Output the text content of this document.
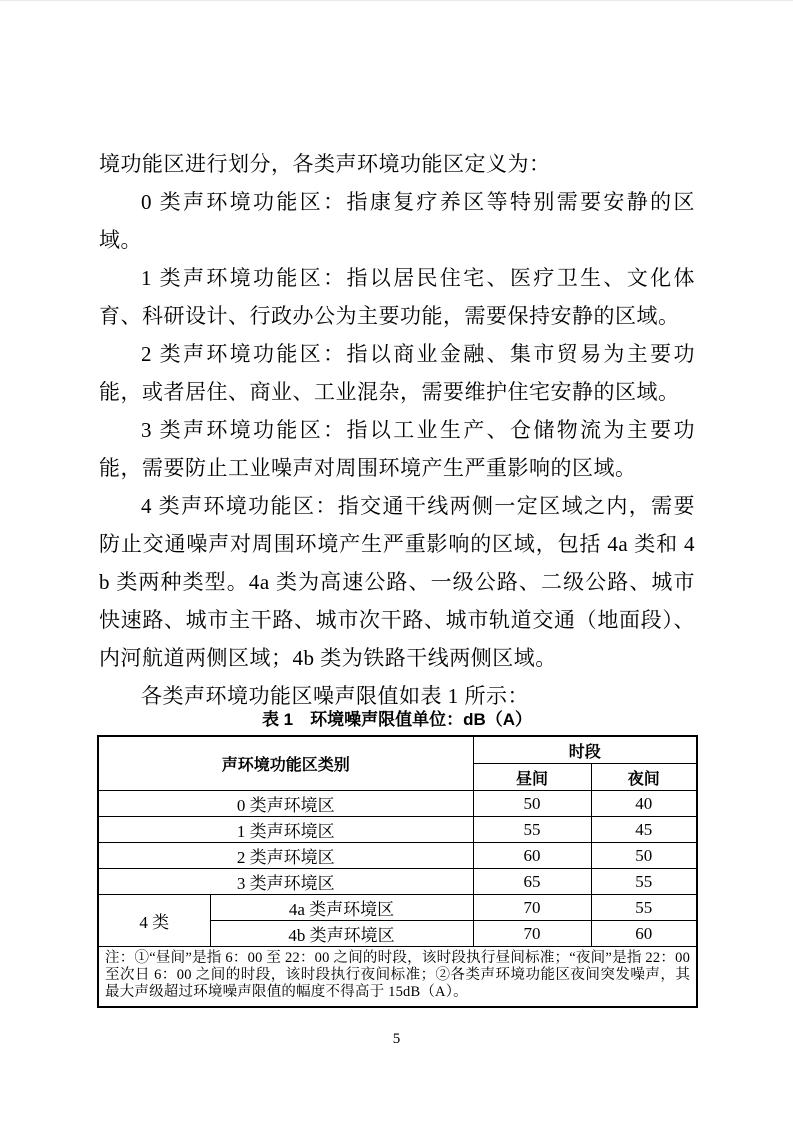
境功能区进行划分，各类声环境功能区定义为：

0 类声环境功能区：指康复疗养区等特别需要安静的区域。

1 类声环境功能区：指以居民住宅、医疗卫生、文化体育、科研设计、行政办公为主要功能，需要保持安静的区域。

2 类声环境功能区：指以商业金融、集市贸易为主要功能，或者居住、商业、工业混杂，需要维护住宅安静的区域。

3 类声环境功能区：指以工业生产、仓储物流为主要功能，需要防止工业噪声对周围环境产生严重影响的区域。

4 类声环境功能区：指交通干线两侧一定区域之内，需要防止交通噪声对周围环境产生严重影响的区域，包括 4a 类和 4b 类两种类型。4a 类为高速公路、一级公路、二级公路、城市快速路、城市主干路、城市次干路、城市轨道交通（地面段）、内河航道两侧区域；4b 类为铁路干线两侧区域。

各类声环境功能区噪声限值如表 1 所示：

表 1　环境噪声限值单位：dB（A）
声环境功能区类别		时段	
		昼间	夜间
0 类声环境区		50	40
1 类声环境区		55	45
2 类声环境区		60	50
3 类声环境区		65	55
4 类	4a 类声环境区	70	55
	4b 类声环境区	70	60
注：①“昼间”是指 6：00 至 22：00 之间的时段，该时段执行昼间标准；“夜间”是指 22：00 至次日 6：00 之间的时段，该时段执行夜间标准；②各类声环境功能区夜间突发噪声，其最大声级超过环境噪声限值的幅度不得高于 15dB（A）。			
5
